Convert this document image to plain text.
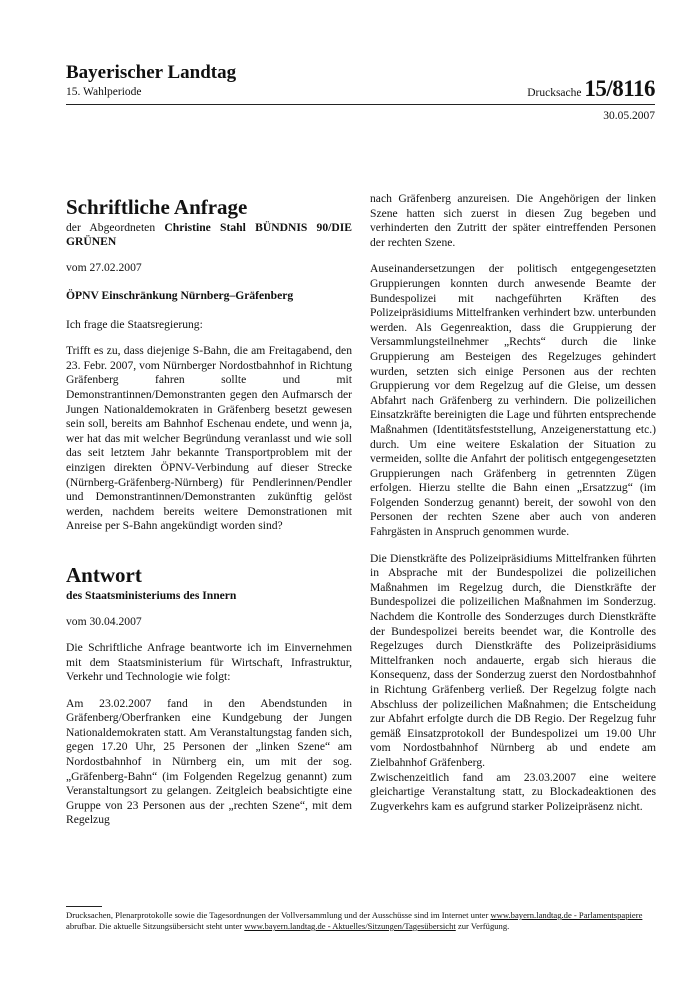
Bayerischer Landtag
15. Wahlperiode	Drucksache 15/8116
30.05.2007
Schriftliche Anfrage

der Abgeordneten Christine Stahl BÜNDNIS 90/DIE GRÜNEN

vom 27.02.2007

ÖPNV Einschränkung Nürnberg–Gräfenberg

Ich frage die Staatsregierung:

Trifft es zu, dass diejenige S-Bahn, die am Freitagabend, den 23. Febr. 2007, vom Nürnberger Nordostbahnhof in Richtung Gräfenberg fahren sollte und mit Demonstrantinnen/Demonstranten gegen den Aufmarsch der Jungen Nationaldemokraten in Gräfenberg besetzt gewesen sein soll, bereits am Bahnhof Eschenau endete, und wenn ja, wer hat das mit welcher Begründung veranlasst und wie soll das seit letztem Jahr bekannte Transportproblem mit der einzigen direkten ÖPNV-Verbindung auf dieser Strecke (Nürnberg-Gräfenberg-Nürnberg) für Pendlerinnen/Pendler und Demonstrantinnen/Demonstranten zukünftig gelöst werden, nachdem bereits weitere Demonstrationen mit Anreise per S-Bahn angekündigt worden sind?

Antwort

des Staatsministeriums des Innern

vom 30.04.2007

Die Schriftliche Anfrage beantworte ich im Einvernehmen mit dem Staatsministerium für Wirtschaft, Infrastruktur, Verkehr und Technologie wie folgt:

Am 23.02.2007 fand in den Abendstunden in Gräfenberg/Oberfranken eine Kundgebung der Jungen Nationaldemokraten statt. Am Veranstaltungstag fanden sich, gegen 17.20 Uhr, 25 Personen der „linken Szene“ am Nordostbahnhof in Nürnberg ein, um mit der sog. „Gräfenberg-Bahn“ (im Folgenden Regelzug genannt) zum Veranstaltungsort zu gelangen. Zeitgleich beabsichtigte eine Gruppe von 23 Personen aus der „rechten Szene“, mit dem Regelzug

nach Gräfenberg anzureisen. Die Angehörigen der linken Szene hatten sich zuerst in diesen Zug begeben und verhinderten den Zutritt der später eintreffenden Personen der rechten Szene.

Auseinandersetzungen der politisch entgegengesetzten Gruppierungen konnten durch anwesende Beamte der Bundespolizei mit nachgeführten Kräften des Polizeipräsidiums Mittelfranken verhindert bzw. unterbunden werden. Als Gegenreaktion, dass die Gruppierung der Versammlungsteilnehmer „Rechts“ durch die linke Gruppierung am Besteigen des Regelzuges gehindert wurden, setzten sich einige Personen aus der rechten Gruppierung vor dem Regelzug auf die Gleise, um dessen Abfahrt nach Gräfenberg zu verhindern. Die polizeilichen Einsatzkräfte bereinigten die Lage und führten entsprechende Maßnahmen (Identitätsfeststellung, Anzeigenerstattung etc.) durch. Um eine weitere Eskalation der Situation zu vermeiden, sollte die Anfahrt der politisch entgegengesetzten Gruppierungen nach Gräfenberg in getrennten Zügen erfolgen. Hierzu stellte die Bahn einen „Ersatzzug“ (im Folgenden Sonderzug genannt) bereit, der sowohl von den Personen der rechten Szene aber auch von anderen Fahrgästen in Anspruch genommen wurde.

Die Dienstkräfte des Polizeipräsidiums Mittelfranken führten in Absprache mit der Bundespolizei die polizeilichen Maßnahmen im Regelzug durch, die Dienstkräfte der Bundespolizei die polizeilichen Maßnahmen im Sonderzug. Nachdem die Kontrolle des Sonderzuges durch Dienstkräfte der Bundespolizei bereits beendet war, die Kontrolle des Regelzuges durch Dienstkräfte des Polizeipräsidiums Mittelfranken noch andauerte, ergab sich hieraus die Konsequenz, dass der Sonderzug zuerst den Nordostbahnhof in Richtung Gräfenberg verließ. Der Regelzug folgte nach Abschluss der polizeilichen Maßnahmen; die Entscheidung zur Abfahrt erfolgte durch die DB Regio. Der Regelzug fuhr gemäß Einsatzprotokoll der Bundespolizei um 19.00 Uhr vom Nordostbahnhof Nürnberg ab und endete am Zielbahnhof Gräfenberg.

Zwischenzeitlich fand am 23.03.2007 eine weitere gleichartige Veranstaltung statt, zu Blockadeaktionen des Zugverkehrs kam es aufgrund starker Polizeipräsenz nicht.

Drucksachen, Plenarprotokolle sowie die Tagesordnungen der Vollversammlung und der Ausschüsse sind im Internet unter www.bayern.landtag.de - Parlamentspapiere abrufbar. Die aktuelle Sitzungsübersicht steht unter www.bayern.landtag.de - Aktuelles/Sitzungen/Tagesübersicht zur Verfügung.
